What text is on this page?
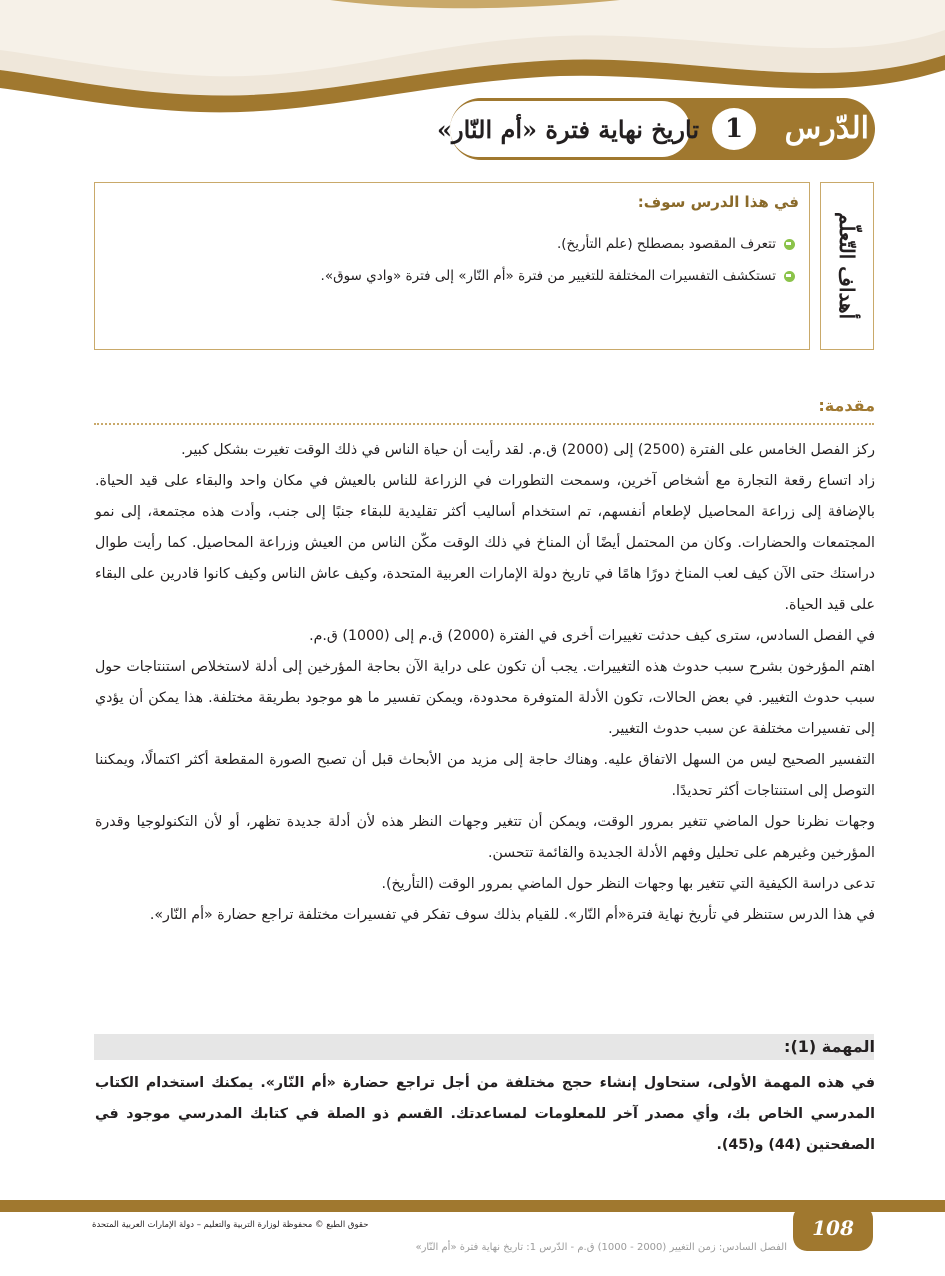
الدّرس
1
تاريخ نهاية فترة «أم النّار»
أهداف التّعلّم
في هذا الدرس سوف:
تتعرف المقصود بمصطلح (علم التأريخ).
تستكشف التفسيرات المختلفة للتغيير من فترة «أم النّار» إلى فترة «وادي سوق».
مقدمة:

ركز الفصل الخامس على الفترة (2500) إلى (2000) ق.م. لقد رأيت أن حياة الناس في ذلك الوقت تغيرت بشكل كبير.

زاد اتساع رقعة التجارة مع أشخاص آخرين، وسمحت التطورات في الزراعة للناس بالعيش في مكان واحد والبقاء على قيد الحياة. بالإضافة إلى زراعة المحاصيل لإطعام أنفسهم، تم استخدام أساليب أكثر تقليدية للبقاء جنبًا إلى جنب، وأدت هذه مجتمعة، إلى نمو المجتمعات والحضارات. وكان من المحتمل أيضًا أن المناخ في ذلك الوقت مكّن الناس من العيش وزراعة المحاصيل. كما رأيت طوال دراستك حتى الآن كيف لعب المناخ دورًا هامًا في تاريخ دولة الإمارات العربية المتحدة، وكيف عاش الناس وكيف كانوا قادرين على البقاء على قيد الحياة.

في الفصل السادس، سترى كيف حدثت تغييرات أخرى في الفترة (2000) ق.م إلى (1000) ق.م.

اهتم المؤرخون بشرح سبب حدوث هذه التغييرات. يجب أن تكون على دراية الآن بحاجة المؤرخين إلى أدلة لاستخلاص استنتاجات حول سبب حدوث التغيير. في بعض الحالات، تكون الأدلة المتوفرة محدودة، ويمكن تفسير ما هو موجود بطريقة مختلفة. هذا يمكن أن يؤدي إلى تفسيرات مختلفة عن سبب حدوث التغيير.

التفسير الصحيح ليس من السهل الاتفاق عليه. وهناك حاجة إلى مزيد من الأبحاث قبل أن تصبح الصورة المقطعة أكثر اكتمالًا، ويمكننا التوصل إلى استنتاجات أكثر تحديدًا.

وجهات نظرنا حول الماضي تتغير بمرور الوقت، ويمكن أن تتغير وجهات النظر هذه لأن أدلة جديدة تظهر، أو لأن التكنولوجيا وقدرة المؤرخين وغيرهم على تحليل وفهم الأدلة الجديدة والقائمة تتحسن.

تدعى دراسة الكيفية التي تتغير بها وجهات النظر حول الماضي بمرور الوقت (التأريخ).

في هذا الدرس ستنظر في تأريخ نهاية فترة«أم النّار». للقيام بذلك سوف تفكر في تفسيرات مختلفة تراجع حضارة «أم النّار».

المهمة (1):
في هذه المهمة الأولى، ستحاول إنشاء حجج مختلفة من أجل تراجع حضارة «أم النّار». يمكنك استخدام الكتاب المدرسي الخاص بك، وأي مصدر آخر للمعلومات لمساعدتك. القسم ذو الصلة في كتابك المدرسي موجود في الصفحتين (44) و(45).
108
حقوق الطبع © محفوظة لوزارة التربية والتعليم – دولة الإمارات العربية المتحدة
الفصل السادس: زمن التغيير (2000 - 1000) ق.م - الدّرس 1: تاريخ نهاية فترة «أم النّار»
